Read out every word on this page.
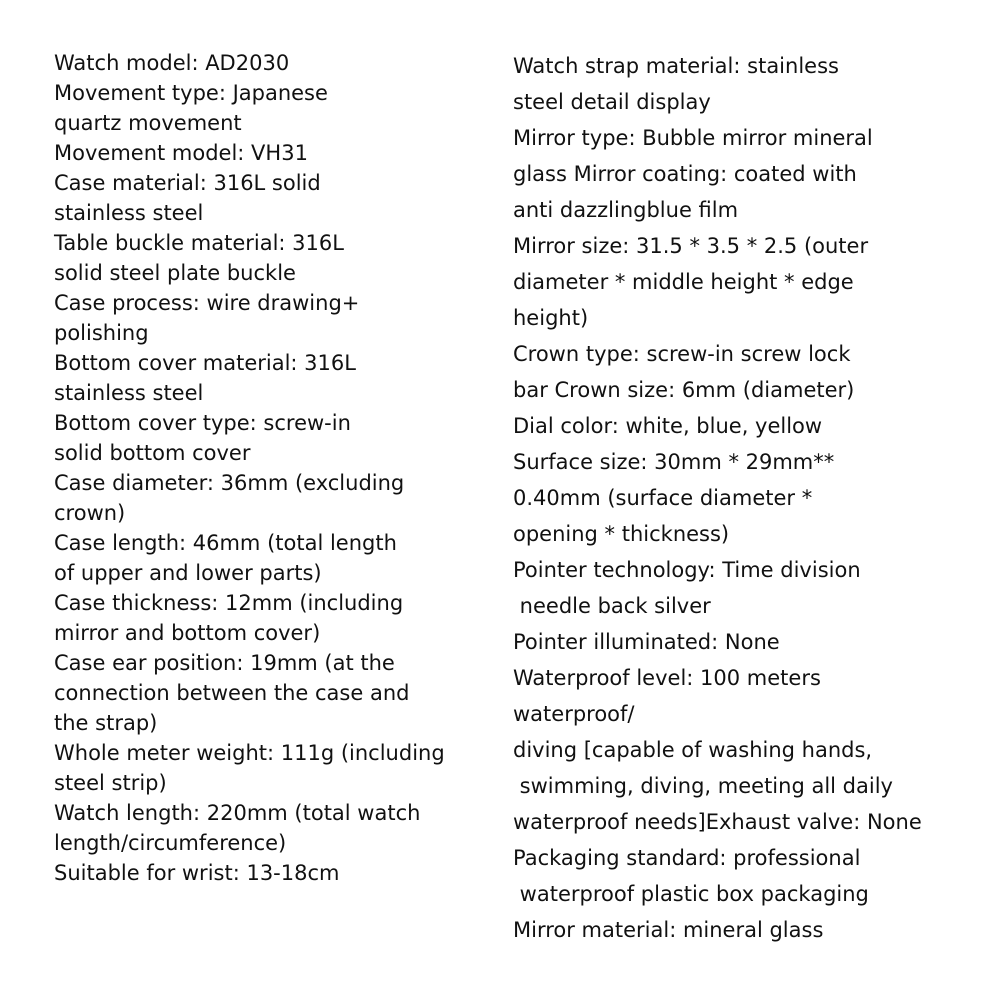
Watch model: AD2030
Movement type: Japanese
quartz movement
Movement model: VH31
Case material: 316L solid
stainless steel
Table buckle material: 316L
solid steel plate buckle
Case process: wire drawing+
polishing
Bottom cover material: 316L
stainless steel
Bottom cover type: screw-in
solid bottom cover
Case diameter: 36mm (excluding
crown)
Case length: 46mm (total length
of upper and lower parts)
Case thickness: 12mm (including
mirror and bottom cover)
Case ear position: 19mm (at the
connection between the case and
the strap)
Whole meter weight: 111g (including
steel strip)
Watch length: 220mm (total watch
length/circumference)
Suitable for wrist: 13-18cm
Watch strap material: stainless
steel detail display
Mirror type: Bubble mirror mineral
glass Mirror coating: coated with
anti dazzlingblue film
Mirror size: 31.5 * 3.5 * 2.5 (outer
diameter * middle height * edge
height)
Crown type: screw-in screw lock
bar Crown size: 6mm (diameter)
Dial color: white, blue, yellow
Surface size: 30mm * 29mm**
0.40mm (surface diameter *
opening * thickness)
Pointer technology: Time division
needle back silver
Pointer illuminated: None
Waterproof level: 100 meters
waterproof/
diving [capable of washing hands,
swimming, diving, meeting all daily
waterproof needs]Exhaust valve: None
Packaging standard: professional
waterproof plastic box packaging
Mirror material: mineral glass
